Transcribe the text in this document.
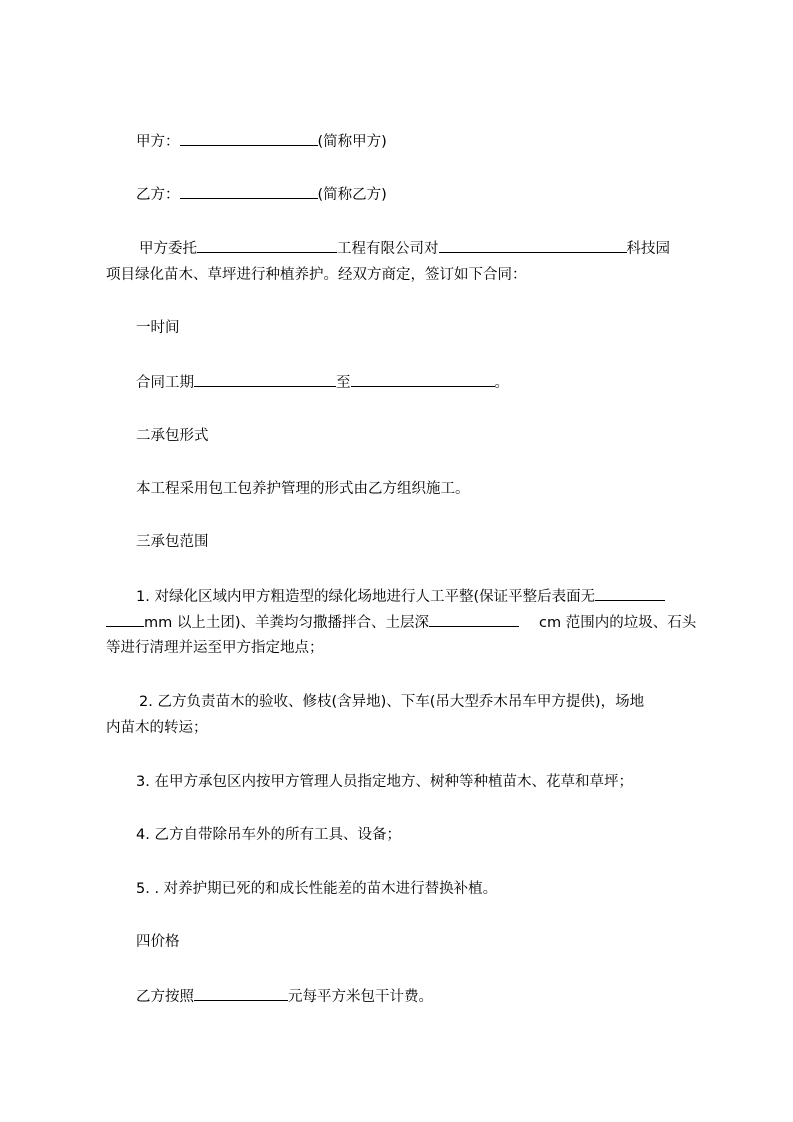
甲方：	(简称甲方)
乙方：	(简称乙方)
甲方委托	工程有限公司对	科技园
项目绿化苗木、草坪进行种植养护。经双方商定，签订如下合同：
一时间
合同工期	至	。
二承包形式
本工程采用包工包养护管理的形式由乙方组织施工。
三承包范围
1. 对绿化区域内甲方粗造型的绿化场地进行人工平整(保证平整后表面无
mm 以上土团)、羊粪均匀撒播拌合、土层深	cm 范围内的垃圾、石头
等进行清理并运至甲方指定地点；
2. 乙方负责苗木的验收、修枝(含异地)、下车(吊大型乔木吊车甲方提供)，场地
内苗木的转运；
3. 在甲方承包区内按甲方管理人员指定地方、树种等种植苗木、花草和草坪；
4. 乙方自带除吊车外的所有工具、设备；
5. . 对养护期已死的和成长性能差的苗木进行替换补植。
四价格
乙方按照	元每平方米包干计费。
